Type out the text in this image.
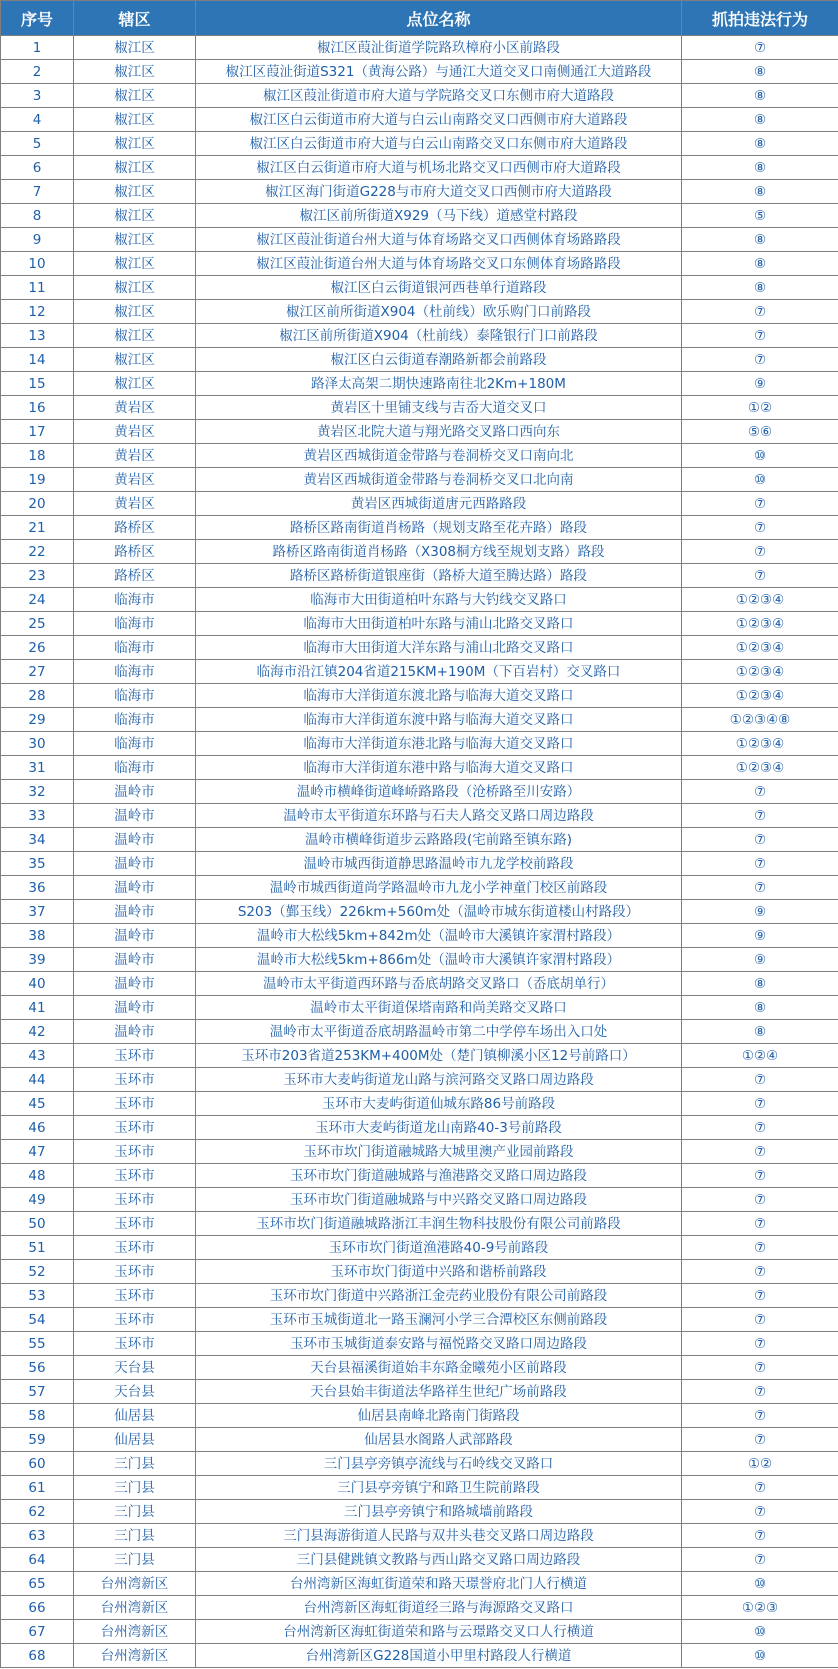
序号	辖区	点位名称	抓拍违法行为
1	椒江区	椒江区葭沚街道学院路玖樟府小区前路段	⑦
2	椒江区	椒江区葭沚街道S321（黄海公路）与通江大道交叉口南侧通江大道路段	⑧
3	椒江区	椒江区葭沚街道市府大道与学院路交叉口东侧市府大道路段	⑧
4	椒江区	椒江区白云街道市府大道与白云山南路交叉口西侧市府大道路段	⑧
5	椒江区	椒江区白云街道市府大道与白云山南路交叉口东侧市府大道路段	⑧
6	椒江区	椒江区白云街道市府大道与机场北路交叉口西侧市府大道路段	⑧
7	椒江区	椒江区海门街道G228与市府大道交叉口西侧市府大道路段	⑧
8	椒江区	椒江区前所街道X929（马下线）道感堂村路段	⑤
9	椒江区	椒江区葭沚街道台州大道与体育场路交叉口西侧体育场路路段	⑧
10	椒江区	椒江区葭沚街道台州大道与体育场路交叉口东侧体育场路路段	⑧
11	椒江区	椒江区白云街道银河西巷单行道路段	⑧
12	椒江区	椒江区前所街道X904（杜前线）欧乐购门口前路段	⑦
13	椒江区	椒江区前所街道X904（杜前线）泰隆银行门口前路段	⑦
14	椒江区	椒江区白云街道春潮路新都会前路段	⑦
15	椒江区	路泽太高架二期快速路南往北2Km+180M	⑨
16	黄岩区	黄岩区十里铺支线与吉岙大道交叉口	①②
17	黄岩区	黄岩区北院大道与翔光路交叉路口西向东	⑤⑥
18	黄岩区	黄岩区西城街道金带路与卷洞桥交叉口南向北	⑩
19	黄岩区	黄岩区西城街道金带路与卷洞桥交叉口北向南	⑩
20	黄岩区	黄岩区西城街道唐元西路路段	⑦
21	路桥区	路桥区路南街道肖杨路（规划支路至花卉路）路段	⑦
22	路桥区	路桥区路南街道肖杨路（X308桐方线至规划支路）路段	⑦
23	路桥区	路桥区路桥街道银座街（路桥大道至腾达路）路段	⑦
24	临海市	临海市大田街道柏叶东路与大钓线交叉路口	①②③④
25	临海市	临海市大田街道柏叶东路与浦山北路交叉路口	①②③④
26	临海市	临海市大田街道大洋东路与浦山北路交叉路口	①②③④
27	临海市	临海市沿江镇204省道215KM+190M（下百岩村）交叉路口	①②③④
28	临海市	临海市大洋街道东渡北路与临海大道交叉路口	①②③④
29	临海市	临海市大洋街道东渡中路与临海大道交叉路口	①②③④⑧
30	临海市	临海市大洋街道东港北路与临海大道交叉路口	①②③④
31	临海市	临海市大洋街道东港中路与临海大道交叉路口	①②③④
32	温岭市	温岭市横峰街道峰峤路路段（沧桥路至川安路）	⑦
33	温岭市	温岭市太平街道东环路与石夫人路交叉路口周边路段	⑦
34	温岭市	温岭市横峰街道步云路路段(宅前路至镇东路)	⑦
35	温岭市	温岭市城西街道静思路温岭市九龙学校前路段	⑦
36	温岭市	温岭市城西街道尚学路温岭市九龙小学神童门校区前路段	⑦
37	温岭市	S203（鄞玉线）226km+560m处（温岭市城东街道楼山村路段）	⑨
38	温岭市	温岭市大松线5km+842m处（温岭市大溪镇许家渭村路段）	⑨
39	温岭市	温岭市大松线5km+866m处（温岭市大溪镇许家渭村路段）	⑨
40	温岭市	温岭市太平街道西环路与岙底胡路交叉路口（岙底胡单行）	⑧
41	温岭市	温岭市太平街道保塔南路和尚美路交叉路口	⑧
42	温岭市	温岭市太平街道岙底胡路温岭市第二中学停车场出入口处	⑧
43	玉环市	玉环市203省道253KM+400M处（楚门镇柳溪小区12号前路口）	①②④
44	玉环市	玉环市大麦屿街道龙山路与滨河路交叉路口周边路段	⑦
45	玉环市	玉环市大麦屿街道仙城东路86号前路段	⑦
46	玉环市	玉环市大麦屿街道龙山南路40-3号前路段	⑦
47	玉环市	玉环市坎门街道融城路大城里澳产业园前路段	⑦
48	玉环市	玉环市坎门街道融城路与渔港路交叉路口周边路段	⑦
49	玉环市	玉环市坎门街道融城路与中兴路交叉路口周边路段	⑦
50	玉环市	玉环市坎门街道融城路浙江丰润生物科技股份有限公司前路段	⑦
51	玉环市	玉环市坎门街道渔港路40-9号前路段	⑦
52	玉环市	玉环市坎门街道中兴路和谐桥前路段	⑦
53	玉环市	玉环市坎门街道中兴路浙江金売药业股份有限公司前路段	⑦
54	玉环市	玉环市玉城街道北一路玉澜河小学三合潭校区东侧前路段	⑦
55	玉环市	玉环市玉城街道泰安路与福悦路交叉路口周边路段	⑦
56	天台县	天台县福溪街道始丰东路金曦苑小区前路段	⑦
57	天台县	天台县始丰街道法华路祥生世纪广场前路段	⑦
58	仙居县	仙居县南峰北路南门街路段	⑦
59	仙居县	仙居县水阁路人武部路段	⑦
60	三门县	三门县亭旁镇亭流线与石岭线交叉路口	①②
61	三门县	三门县亭旁镇宁和路卫生院前路段	⑦
62	三门县	三门县亭旁镇宁和路城墙前路段	⑦
63	三门县	三门县海游街道人民路与双井头巷交叉路口周边路段	⑦
64	三门县	三门县健跳镇文教路与西山路交叉路口周边路段	⑦
65	台州湾新区	台州湾新区海虹街道荣和路天璟誉府北门人行横道	⑩
66	台州湾新区	台州湾新区海虹街道经三路与海源路交叉路口	①②③
67	台州湾新区	台州湾新区海虹街道荣和路与云璟路交叉口人行横道	⑩
68	台州湾新区	台州湾新区G228国道小甲里村路段人行横道	⑩
